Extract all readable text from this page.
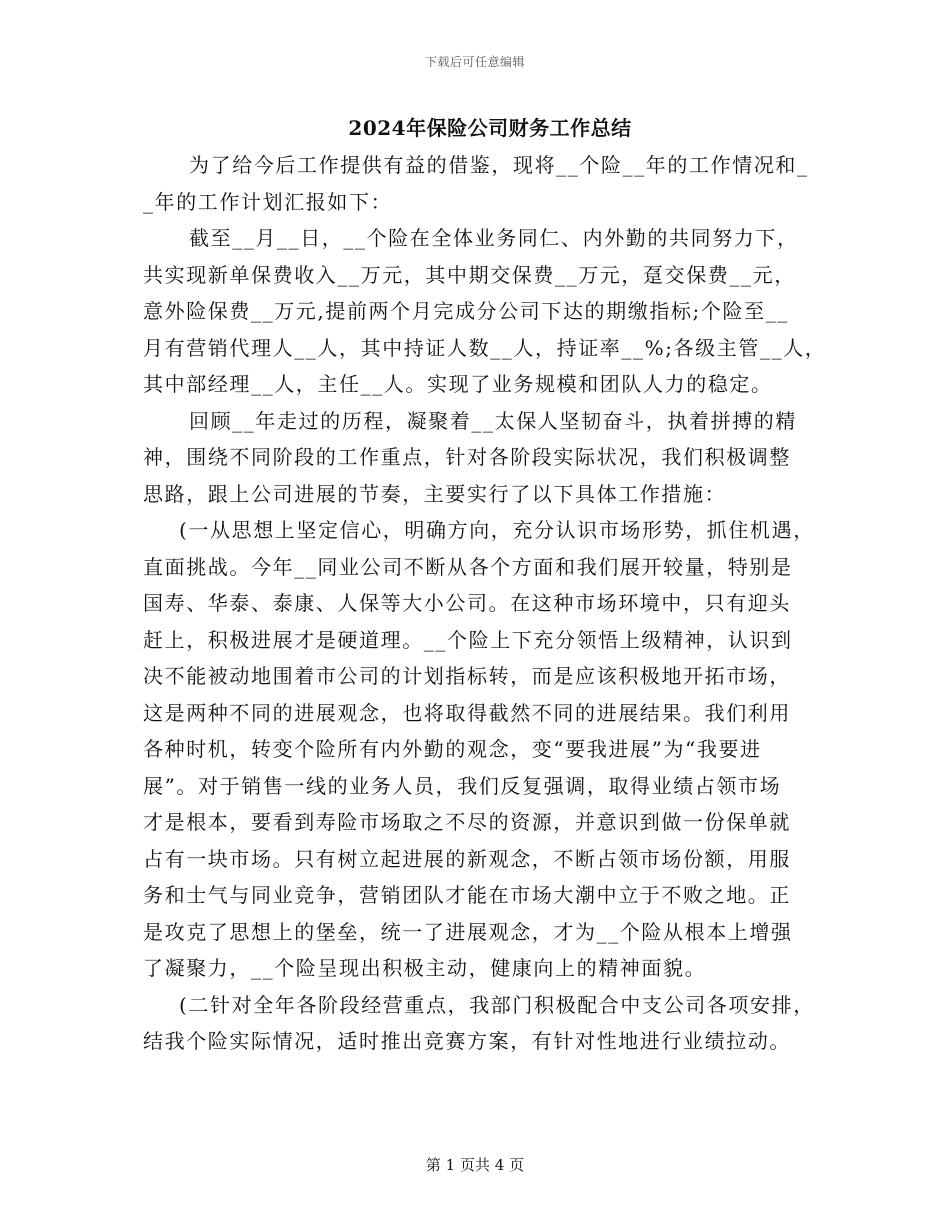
下载后可任意编辑
2024年保险公司财务工作总结
为了给今后工作提供有益的借鉴，现将__个险__年的工作情况和_
_年的工作计划汇报如下：
截至__月__日，__个险在全体业务同仁、内外勤的共同努力下，
共实现新单保费收入__万元，其中期交保费__万元，趸交保费__元，
意外险保费__万元,提前两个月完成分公司下达的期缴指标;个险至__
月有营销代理人__人，其中持证人数__人，持证率__%;各级主管__人，
其中部经理__人，主任__人。实现了业务规模和团队人力的稳定。
回顾__年走过的历程，凝聚着__太保人坚韧奋斗，执着拼搏的精
神，围绕不同阶段的工作重点，针对各阶段实际状况，我们积极调整
思路，跟上公司进展的节奏，主要实行了以下具体工作措施：
(一从思想上坚定信心，明确方向，充分认识市场形势，抓住机遇，
直面挑战。今年__同业公司不断从各个方面和我们展开较量，特别是
国寿、华泰、泰康、人保等大小公司。在这种市场环境中，只有迎头
赶上，积极进展才是硬道理。__个险上下充分领悟上级精神，认识到
决不能被动地围着市公司的计划指标转，而是应该积极地开拓市场，
这是两种不同的进展观念，也将取得截然不同的进展结果。我们利用
各种时机，转变个险所有内外勤的观念，变“要我进展”为“我要进
展”。对于销售一线的业务人员，我们反复强调，取得业绩占领市场
才是根本，要看到寿险市场取之不尽的资源，并意识到做一份保单就
占有一块市场。只有树立起进展的新观念，不断占领市场份额，用服
务和士气与同业竞争，营销团队才能在市场大潮中立于不败之地。正
是攻克了思想上的堡垒，统一了进展观念，才为__个险从根本上增强
了凝聚力，__个险呈现出积极主动，健康向上的精神面貌。
(二针对全年各阶段经营重点，我部门积极配合中支公司各项安排，
结我个险实际情况，适时推出竞赛方案，有针对性地进行业绩拉动。
第 1 页共 4 页
